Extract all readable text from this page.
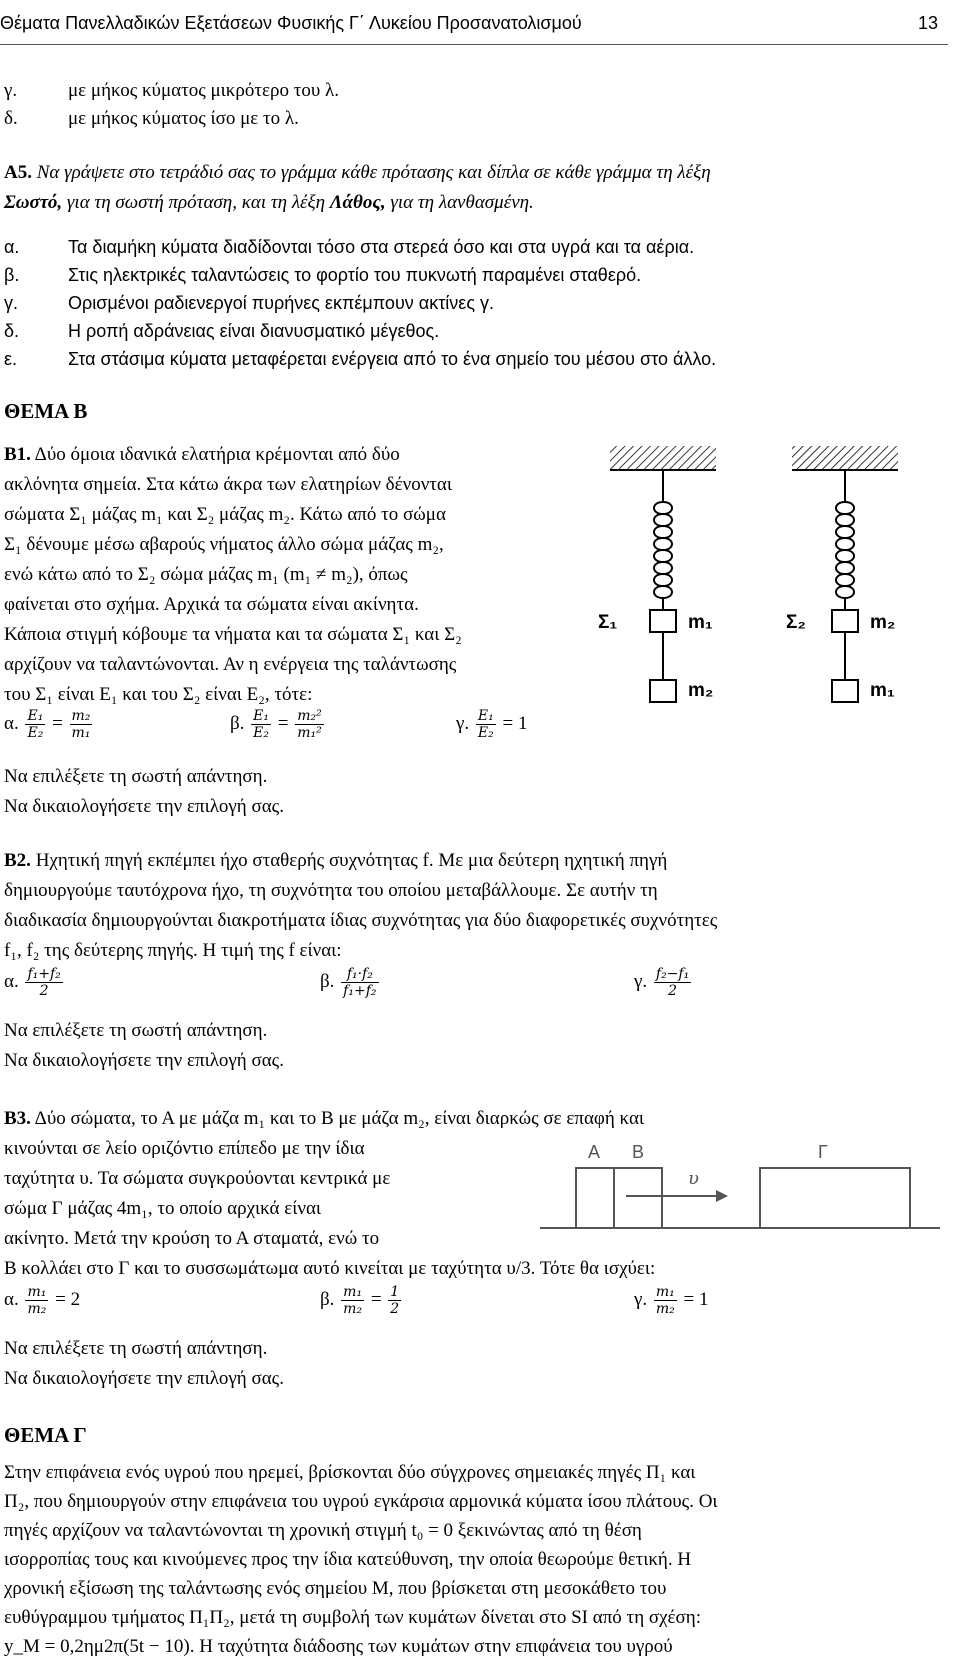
Θέματα Πανελλαδικών Εξετάσεων Φυσικής Γ΄ Λυκείου Προσανατολισμού	13
γ.	με μήκος κύματος μικρότερο του λ.
δ.	με μήκος κύματος ίσο με το λ.
Α5. Να γράψετε στο τετράδιό σας το γράμμα κάθε πρότασης και δίπλα σε κάθε γράμμα τη λέξη
Σωστό, για τη σωστή πρόταση, και τη λέξη Λάθος, για τη λανθασμένη.
α.	Τα διαμήκη κύματα διαδίδονται τόσο στα στερεά όσο και στα υγρά και τα αέρια.
β.	Στις ηλεκτρικές ταλαντώσεις το φορτίο του πυκνωτή παραμένει σταθερό.
γ.	Ορισμένοι ραδιενεργοί πυρήνες εκπέμπουν ακτίνες γ.
δ.	Η ροπή αδράνειας είναι διανυσματικό μέγεθος.
ε.	Στα στάσιμα κύματα μεταφέρεται ενέργεια από το ένα σημείο του μέσου στο άλλο.
ΘΕΜΑ Β
Β1. Δύο όμοια ιδανικά ελατήρια κρέμονται από δύο
ακλόνητα σημεία. Στα κάτω άκρα των ελατηρίων δένονται
σώματα Σ₁ μάζας m₁ και Σ₂ μάζας m₂. Κάτω από το σώμα
Σ₁ δένουμε μέσω αβαρούς νήματος άλλο σώμα μάζας m₂,
ενώ κάτω από το Σ₂ σώμα μάζας m₁ (m₁ ≠ m₂), όπως
φαίνεται στο σχήμα. Αρχικά τα σώματα είναι ακίνητα.
Κάποια στιγμή κόβουμε τα νήματα και τα σώματα Σ₁ και Σ₂
αρχίζουν να ταλαντώνονται. Αν η ενέργεια της ταλάντωσης
του Σ₁ είναι E₁ και του Σ₂ είναι E₂, τότε:
α. $\frac{\text{E₁}}{\text{E₂}} = \frac{\text{m₂}}{\text{m₁}}$	β. $\frac{\text{E₁}}{\text{E₂}} = \frac{\text{m₂²}}{\text{m₁²}}$	γ. $\frac{\text{E₁}}{\text{E₂}} = 1$
Να επιλέξετε τη σωστή απάντηση.
Να δικαιολογήσετε την επιλογή σας.
Σ₁	m₁
m₂
Σ₂	m₂
m₁
Β2. Ηχητική πηγή εκπέμπει ήχο σταθερής συχνότητας f. Με μια δεύτερη ηχητική πηγή
δημιουργούμε ταυτόχρονα ήχο, τη συχνότητα του οποίου μεταβάλλουμε. Σε αυτήν τη
διαδικασία δημιουργούνται διακροτήματα ίδιας συχνότητας για δύο διαφορετικές συχνότητες
f₁, f₂ της δεύτερης πηγής. Η τιμή της f είναι:
α. $\frac{\text{f₁+f₂}}{2}$	β. $\frac{\text{f₁·f₂}}{\text{f₁+f₂}}$	γ. $\frac{\text{f₂−f₁}}{2}$
Να επιλέξετε τη σωστή απάντηση.
Να δικαιολογήσετε την επιλογή σας.
Β3. Δύο σώματα, το Α με μάζα m₁ και το Β με μάζα m₂, είναι διαρκώς σε επαφή και
κινούνται σε λείο οριζόντιο επίπεδο με την ίδια
ταχύτητα υ. Τα σώματα συγκρούονται κεντρικά με
σώμα Γ μάζας 4m₁, το οποίο αρχικά είναι
ακίνητο. Μετά την κρούση το Α σταματά, ενώ το
Β κολλάει στο Γ και το συσσωμάτωμα αυτό κινείται με ταχύτητα υ/3. Τότε θα ισχύει:
Α Β	Γ
υ
α. $\frac{\text{m₁}}{\text{m₂}} = 2$	β. $\frac{\text{m₁}}{\text{m₂}} = \frac{1}{2}$	γ. $\frac{\text{m₁}}{\text{m₂}} = 1$
Να επιλέξετε τη σωστή απάντηση.
Να δικαιολογήσετε την επιλογή σας.
ΘΕΜΑ Γ
Στην επιφάνεια ενός υγρού που ηρεμεί, βρίσκονται δύο σύγχρονες σημειακές πηγές Π₁ και
Π₂, που δημιουργούν στην επιφάνεια του υγρού εγκάρσια αρμονικά κύματα ίσου πλάτους. Οι
πηγές αρχίζουν να ταλαντώνονται τη χρονική στιγμή t₀ = 0 ξεκινώντας από τη θέση
ισορροπίας τους και κινούμενες προς την ίδια κατεύθυνση, την οποία θεωρούμε θετική. Η
χρονική εξίσωση της ταλάντωσης ενός σημείου Μ, που βρίσκεται στη μεσοκάθετο του
ευθύγραμμου τμήματος Π₁Π₂, μετά τη συμβολή των κυμάτων δίνεται στο SI από τη σχέση:
y_M = 0,2ημ2π(5t − 10). Η ταχύτητα διάδοσης των κυμάτων στην επιφάνεια του υγρού
